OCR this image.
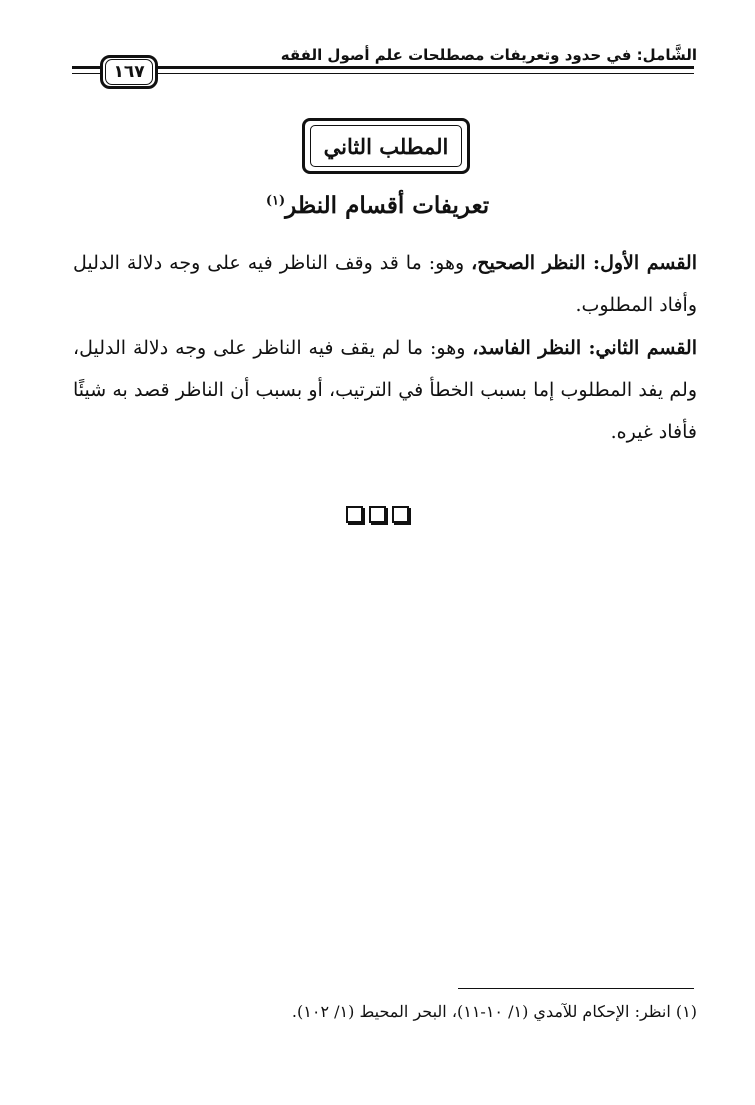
الشَّامل: في حدود وتعريفات مصطلحات علم أصول الفقه
١٦٧
المطلب الثاني
تعريفات أقسام النظر$^{(١)}$
القسم الأول: النظر الصحيح، وهو: ما قد وقف الناظر فيه على وجه دلالة الدليل وأفاد المطلوب.
القسم الثاني: النظر الفاسد، وهو: ما لم يقف فيه الناظر على وجه دلالة الدليل، ولم يفد المطلوب إما بسبب الخطأ في الترتيب، أو بسبب أن الناظر قصد به شيئًا فأفاد غيره.
(١) انظر: الإحكام للآمدي (١/ ١٠-١١)، البحر المحيط (١/ ١٠٢).
